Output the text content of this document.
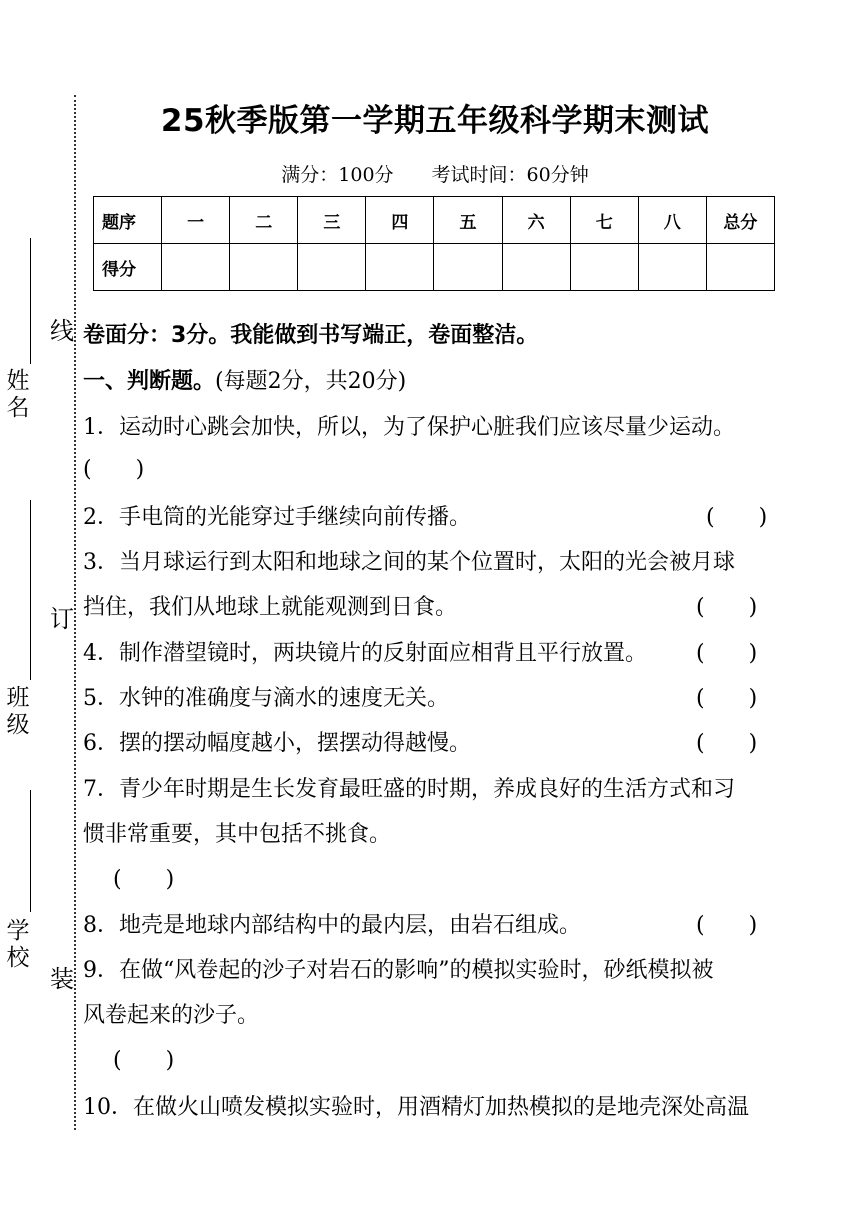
姓名
班级
学校
线
订
装
25秋季版第一学期五年级科学期末测试
满分：100分 考试时间：60分钟
题序	一	二	三	四	五	六	七	八	总分
得分									
卷面分：3分。我能做到书写端正，卷面整洁。
一、判断题。(每题2分，共20分)
1．运动时心跳会加快，所以，为了保护心脏我们应该尽量少运动。
(　　)
2．手电筒的光能穿过手继续向前传播。	(　　)
3．当月球运行到太阳和地球之间的某个位置时，太阳的光会被月球
挡住，我们从地球上就能观测到日食。	(　　)
4．制作潜望镜时，两块镜片的反射面应相背且平行放置。 (　　)
5．水钟的准确度与滴水的速度无关。	(　　)
6．摆的摆动幅度越小，摆摆动得越慢。	(　　)
7．青少年时期是生长发育最旺盛的时期，养成良好的生活方式和习
惯非常重要，其中包括不挑食。
(　　)
8．地壳是地球内部结构中的最内层，由岩石组成。	(　　)
9．在做“风卷起的沙子对岩石的影响”的模拟实验时，砂纸模拟被
风卷起来的沙子。
(　　)
10．在做火山喷发模拟实验时，用酒精灯加热模拟的是地壳深处高温
